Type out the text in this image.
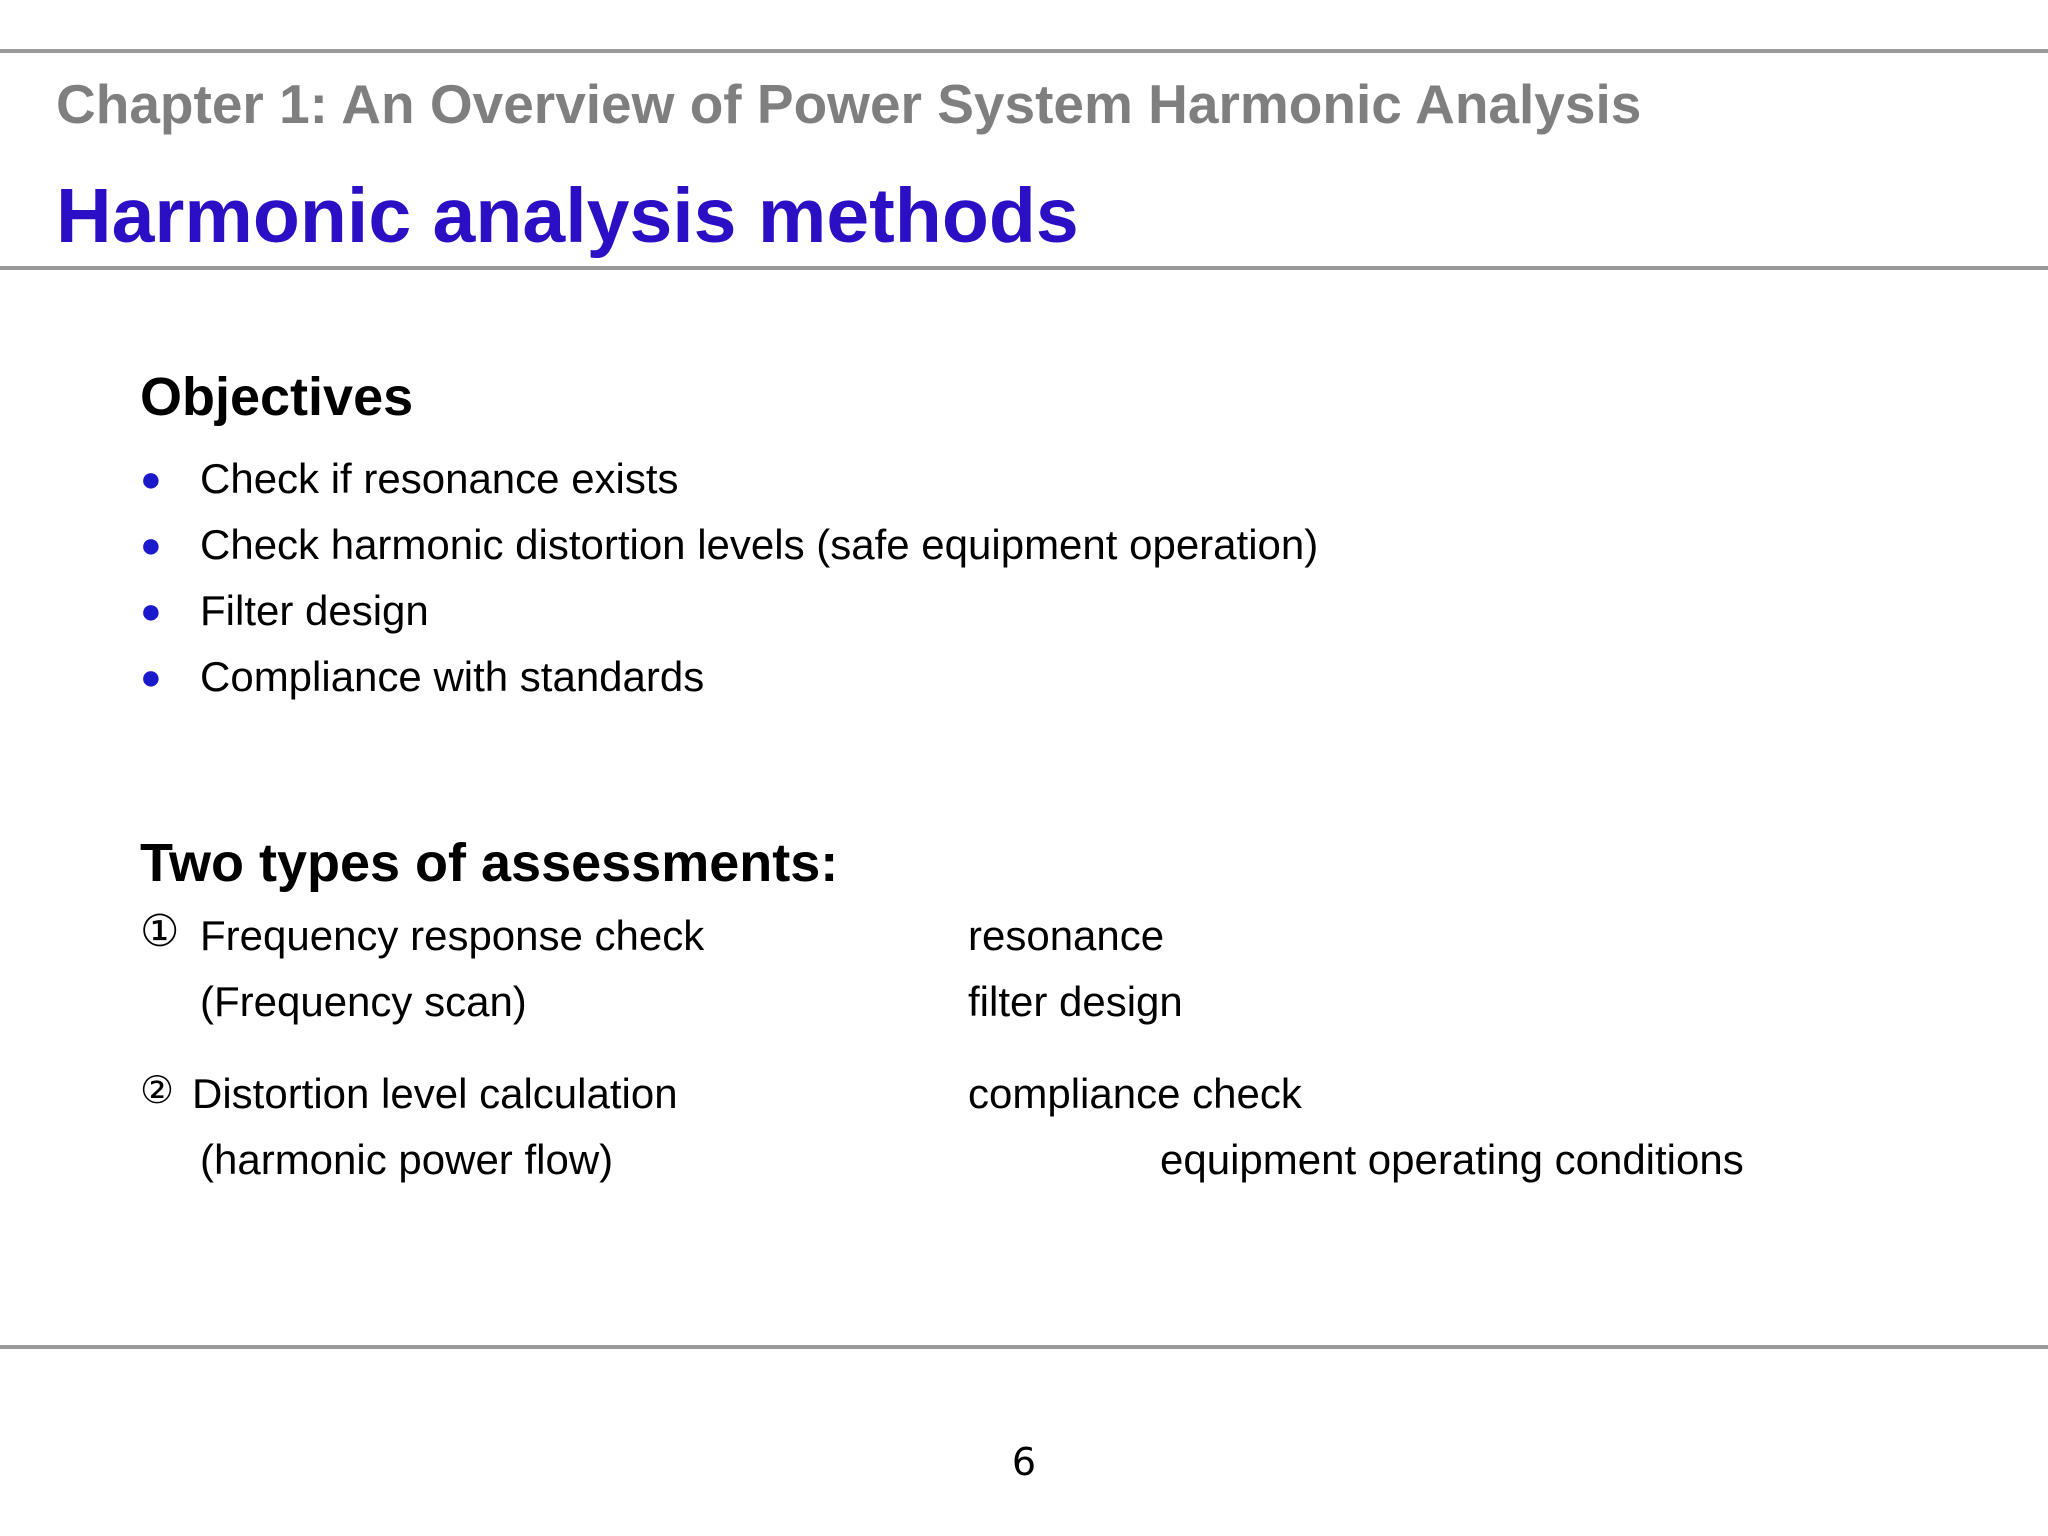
Chapter 1: An Overview of Power System Harmonic Analysis
Harmonic analysis methods
Objectives
● Check if resonance exists
● Check harmonic distortion levels (safe equipment operation)
● Filter design
● Compliance with standards
Two types of assessments:
① Frequency response check	resonance
(Frequency scan)	filter design
② Distortion level calculation	compliance check
(harmonic power flow)	equipment operating conditions
6
